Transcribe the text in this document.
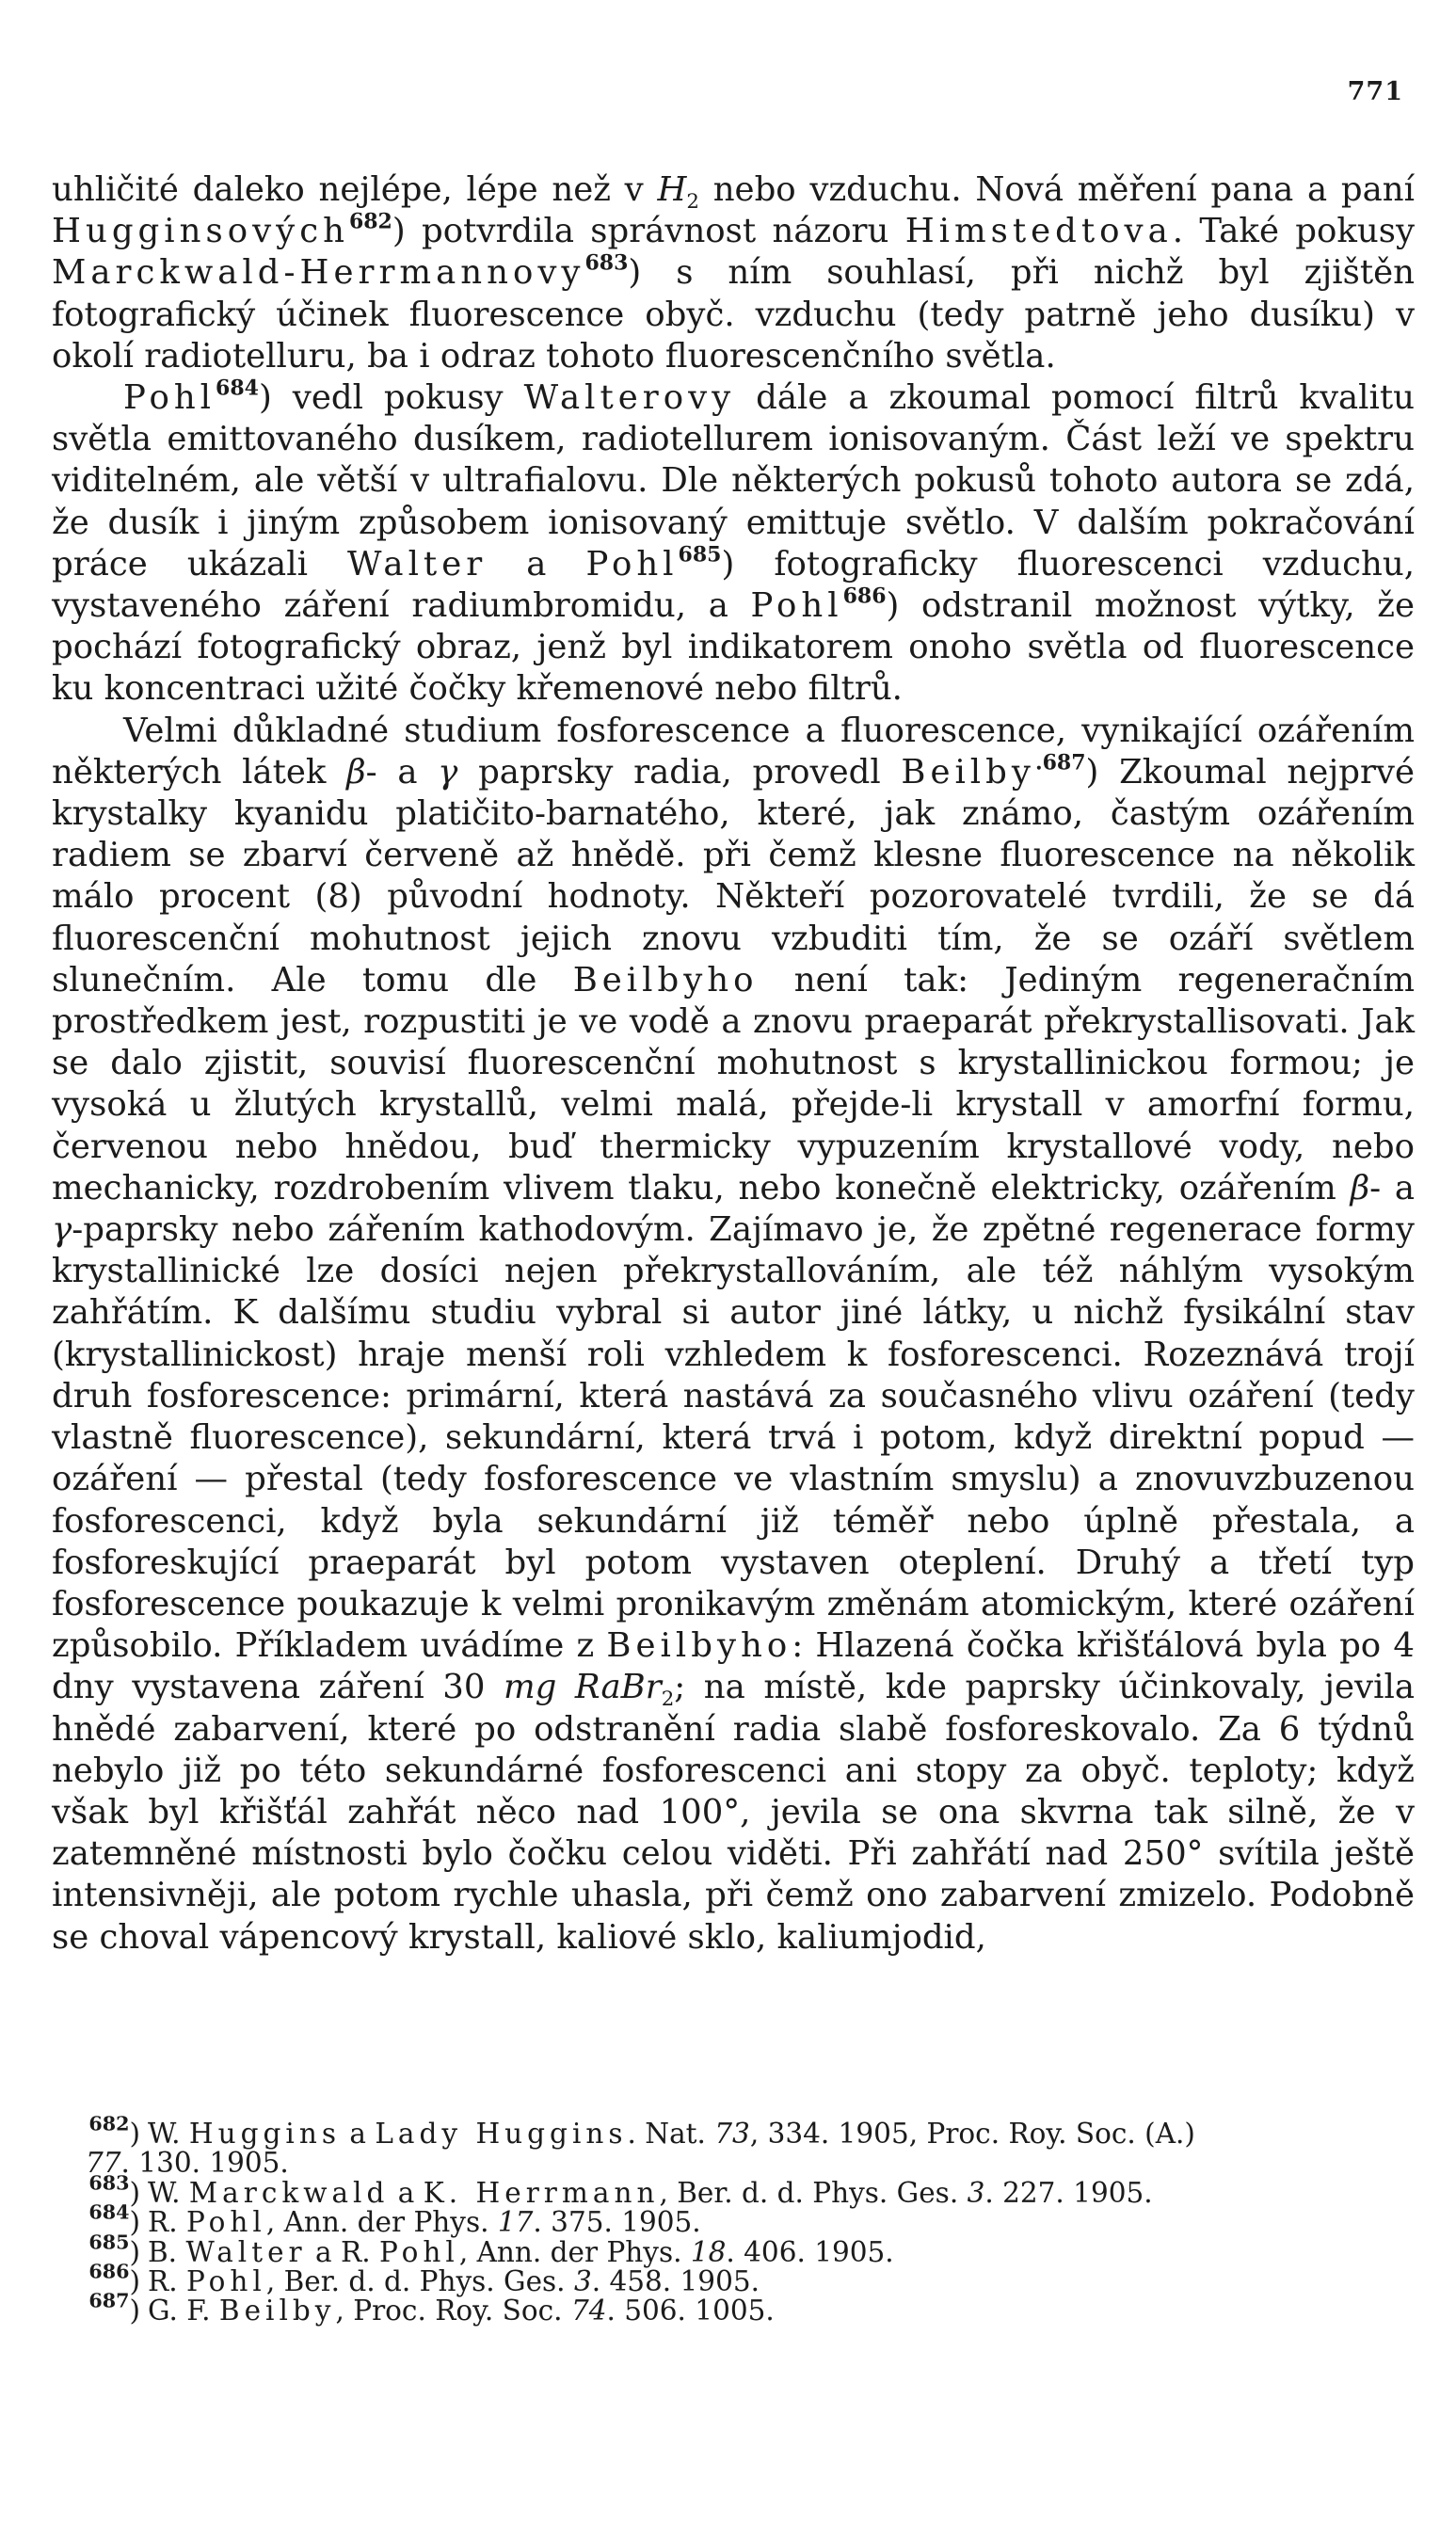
771

uhličité daleko nejlépe, lépe než v $H_2$ nebo vzduchu. Nová měření pana a paní Hugginsových$^{682}$) potvrdila správnost názoru Himstedtova. Také pokusy Marckwald-Herrmannovy$^{683}$) s ním souhlasí, při nichž byl zjištěn fotografický účinek fluorescence obyč. vzduchu (tedy patrně jeho dusíku) v okolí radiotelluru, ba i odraz tohoto fluorescenčního světla.

Pohl$^{684}$) vedl pokusy Walterovy dále a zkoumal pomocí filtrů kvalitu světla emittovaného dusíkem, radiotellurem ionisovaným. Část leží ve spektru viditelném, ale větší v ultrafialovu. Dle některých pokusů tohoto autora se zdá, že dusík i jiným způsobem ionisovaný emittuje světlo. V dalším pokračování práce ukázali Walter a Pohl$^{685}$) fotograficky fluorescenci vzduchu, vystaveného záření radiumbromidu, a Pohl$^{686}$) odstranil možnost výtky, že pochází fotografický obraz, jenž byl indikatorem onoho světla od fluorescence ku koncentraci užité čočky křemenové nebo filtrů.

Velmi důkladné studium fosforescence a fluorescence, vynikající ozářením některých látek β- a γ paprsky radia, provedl Beilby$^{.687}$) Zkoumal nejprvé krystalky kyanidu platičito-barnatého, které, jak známo, častým ozářením radiem se zbarví červeně až hnědě. při čemž klesne fluorescence na několik málo procent (8) původní hodnoty. Někteří pozorovatelé tvrdili, že se dá fluorescenční mohutnost jejich znovu vzbuditi tím, že se ozáří světlem slunečním. Ale tomu dle Beilbyho není tak: Jediným regeneračním prostředkem jest, rozpustiti je ve vodě a znovu praeparát překrystallisovati. Jak se dalo zjistit, souvisí fluorescenční mohutnost s krystallinickou formou; je vysoká u žlutých krystallů, velmi malá, přejde-li krystall v amorfní formu, červenou nebo hnědou, buď thermicky vypuzením krystallové vody, nebo mechanicky, rozdrobením vlivem tlaku, nebo konečně elektricky, ozářením β- a γ-paprsky nebo zářením kathodovým. Zajímavo je, že zpětné regenerace formy krystallinické lze dosíci nejen překrystallováním, ale též náhlým vysokým zahřátím. K dalšímu studiu vybral si autor jiné látky, u nichž fysikální stav (krystallinickost) hraje menší roli vzhledem k fosforescenci. Rozeznává trojí druh fosforescence: primární, která nastává za současného vlivu ozáření (tedy vlastně fluorescence), sekundární, která trvá i potom, když direktní popud — ozáření — přestal (tedy fosforescence ve vlastním smyslu) a znovuvzbuzenou fosforescenci, když byla sekundární již téměř nebo úplně přestala, a fosforeskující praeparát byl potom vystaven oteplení. Druhý a třetí typ fosforescence poukazuje k velmi pronikavým změnám atomickým, které ozáření způsobilo. Příkladem uvádíme z Beilbyho: Hlazená čočka křišťálová byla po 4 dny vystavena záření 30 mg RaBr$_2$; na místě, kde paprsky účinkovaly, jevila hnědé zabarvení, které po odstranění radia slabě fosforeskovalo. Za 6 týdnů nebylo již po této sekundárné fosforescenci ani stopy za obyč. teploty; když však byl křišťál zahřát něco nad 100°, jevila se ona skvrna tak silně, že v zatemněné místnosti bylo čočku celou viděti. Při zahřátí nad 250° svítila ještě intensivněji, ale potom rychle uhasla, při čemž ono zabarvení zmizelo. Podobně se choval vápencový krystall, kaliové sklo, kaliumjodid,

$^{682}$) W. Huggins a Lady Huggins. Nat. 73, 334. 1905, Proc. Roy. Soc. (A.)

77. 130. 1905.

$^{683}$) W. Marckwald a K. Herrmann, Ber. d. d. Phys. Ges. 3. 227. 1905.

$^{684}$) R. Pohl, Ann. der Phys. 17. 375. 1905.

$^{685}$) B. Walter a R. Pohl, Ann. der Phys. 18. 406. 1905.

$^{686}$) R. Pohl, Ber. d. d. Phys. Ges. 3. 458. 1905.

$^{687}$) G. F. Beilby, Proc. Roy. Soc. 74. 506. 1005.
